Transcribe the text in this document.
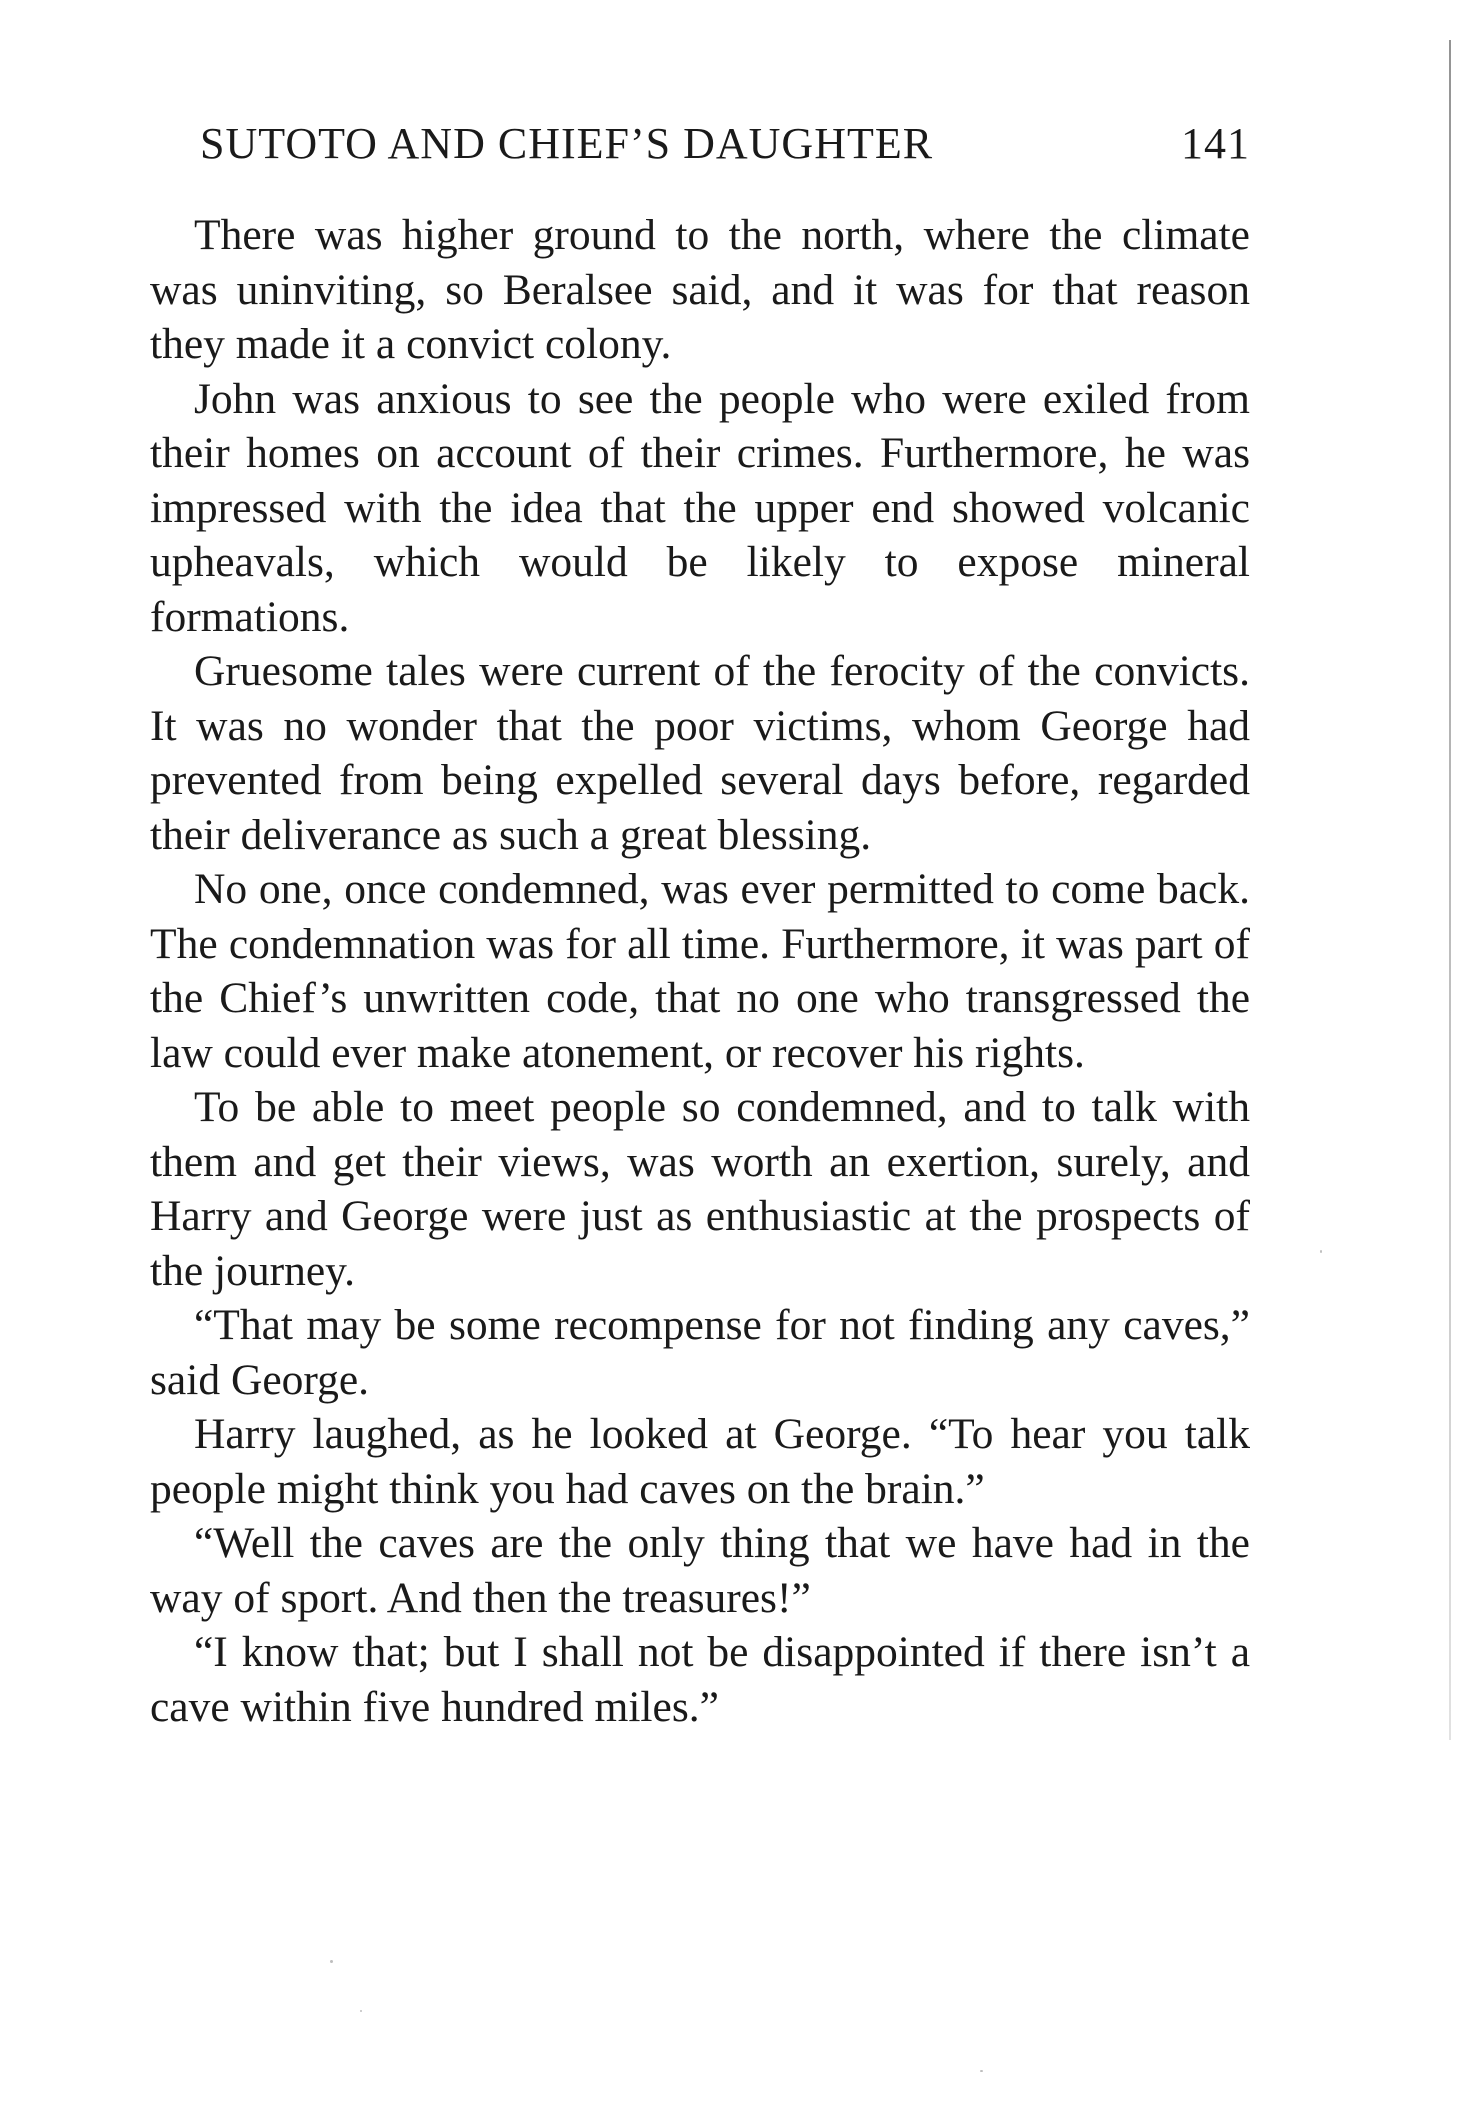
SUTOTO AND CHIEF’S DAUGHTER	141

There was higher ground to the north, where the climate was uninviting, so Beralsee said, and it was for that reason they made it a convict colony.

John was anxious to see the people who were exiled from their homes on account of their crimes. Furthermore, he was impressed with the idea that the upper end showed volcanic upheavals, which would be likely to expose mineral formations.

Gruesome tales were current of the ferocity of the convicts. It was no wonder that the poor victims, whom George had prevented from being expelled several days before, regarded their deliverance as such a great blessing.

No one, once condemned, was ever permitted to come back. The condemnation was for all time. Furthermore, it was part of the Chief’s unwritten code, that no one who transgressed the law could ever make atonement, or recover his rights.

To be able to meet people so condemned, and to talk with them and get their views, was worth an exertion, surely, and Harry and George were just as enthusiastic at the prospects of the journey.

“That may be some recompense for not finding any caves,” said George.

Harry laughed, as he looked at George. “To hear you talk people might think you had caves on the brain.”

“Well the caves are the only thing that we have had in the way of sport. And then the treasures!”

“I know that; but I shall not be disappointed if there isn’t a cave within five hundred miles.”
